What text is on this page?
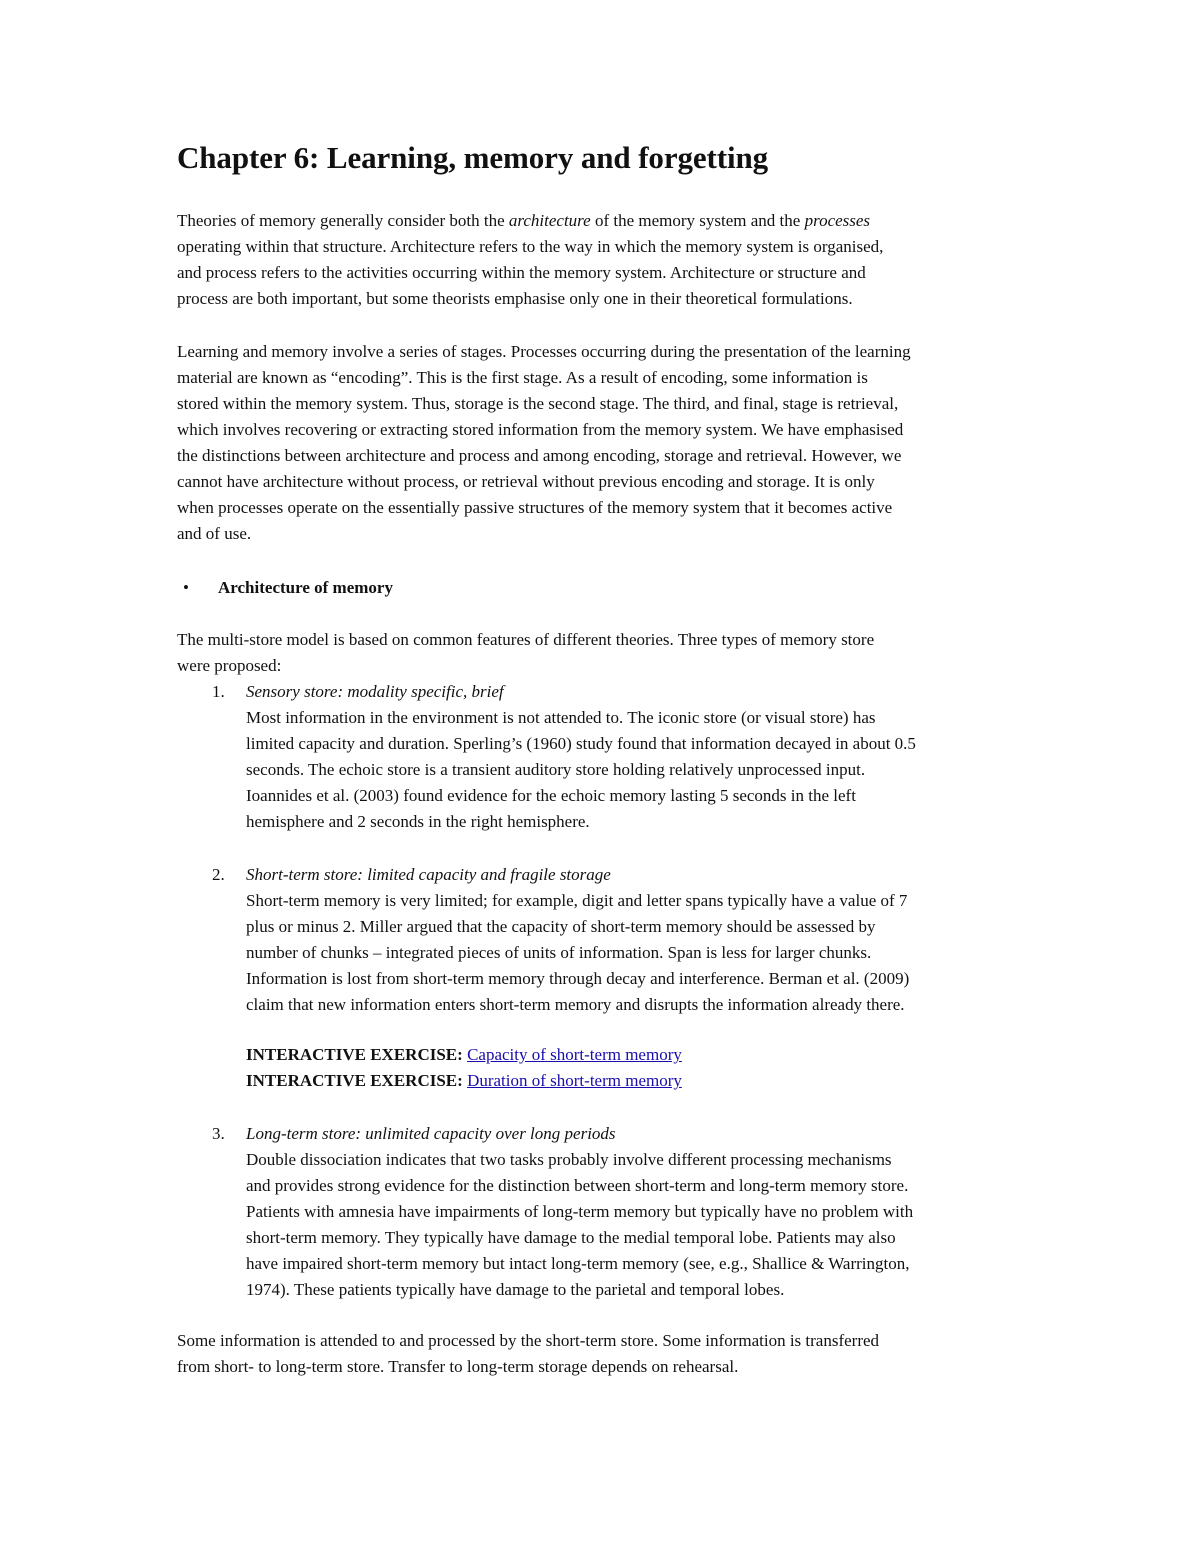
Chapter 6: Learning, memory and forgetting
Theories of memory generally consider both the architecture of the memory system and the processes
operating within that structure. Architecture refers to the way in which the memory system is organised,
and process refers to the activities occurring within the memory system. Architecture or structure and
process are both important, but some theorists emphasise only one in their theoretical formulations.
Learning and memory involve a series of stages. Processes occurring during the presentation of the learning
material are known as “encoding”. This is the first stage. As a result of encoding, some information is
stored within the memory system. Thus, storage is the second stage. The third, and final, stage is retrieval,
which involves recovering or extracting stored information from the memory system. We have emphasised
the distinctions between architecture and process and among encoding, storage and retrieval. However, we
cannot have architecture without process, or retrieval without previous encoding and storage. It is only
when processes operate on the essentially passive structures of the memory system that it becomes active
and of use.
• Architecture of memory
The multi-store model is based on common features of different theories. Three types of memory store
were proposed:
1. Sensory store: modality specific, brief
Most information in the environment is not attended to. The iconic store (or visual store) has
limited capacity and duration. Sperling’s (1960) study found that information decayed in about 0.5
seconds. The echoic store is a transient auditory store holding relatively unprocessed input.
Ioannides et al. (2003) found evidence for the echoic memory lasting 5 seconds in the left
hemisphere and 2 seconds in the right hemisphere.
2. Short-term store: limited capacity and fragile storage
Short-term memory is very limited; for example, digit and letter spans typically have a value of 7
plus or minus 2. Miller argued that the capacity of short-term memory should be assessed by
number of chunks – integrated pieces of units of information. Span is less for larger chunks.
Information is lost from short-term memory through decay and interference. Berman et al. (2009)
claim that new information enters short-term memory and disrupts the information already there.
INTERACTIVE EXERCISE: Capacity of short-term memory
INTERACTIVE EXERCISE: Duration of short-term memory
3. Long-term store: unlimited capacity over long periods
Double dissociation indicates that two tasks probably involve different processing mechanisms
and provides strong evidence for the distinction between short-term and long-term memory store.
Patients with amnesia have impairments of long-term memory but typically have no problem with
short-term memory. They typically have damage to the medial temporal lobe. Patients may also
have impaired short-term memory but intact long-term memory (see, e.g., Shallice & Warrington,
1974). These patients typically have damage to the parietal and temporal lobes.
Some information is attended to and processed by the short-term store. Some information is transferred
from short- to long-term store. Transfer to long-term storage depends on rehearsal.
